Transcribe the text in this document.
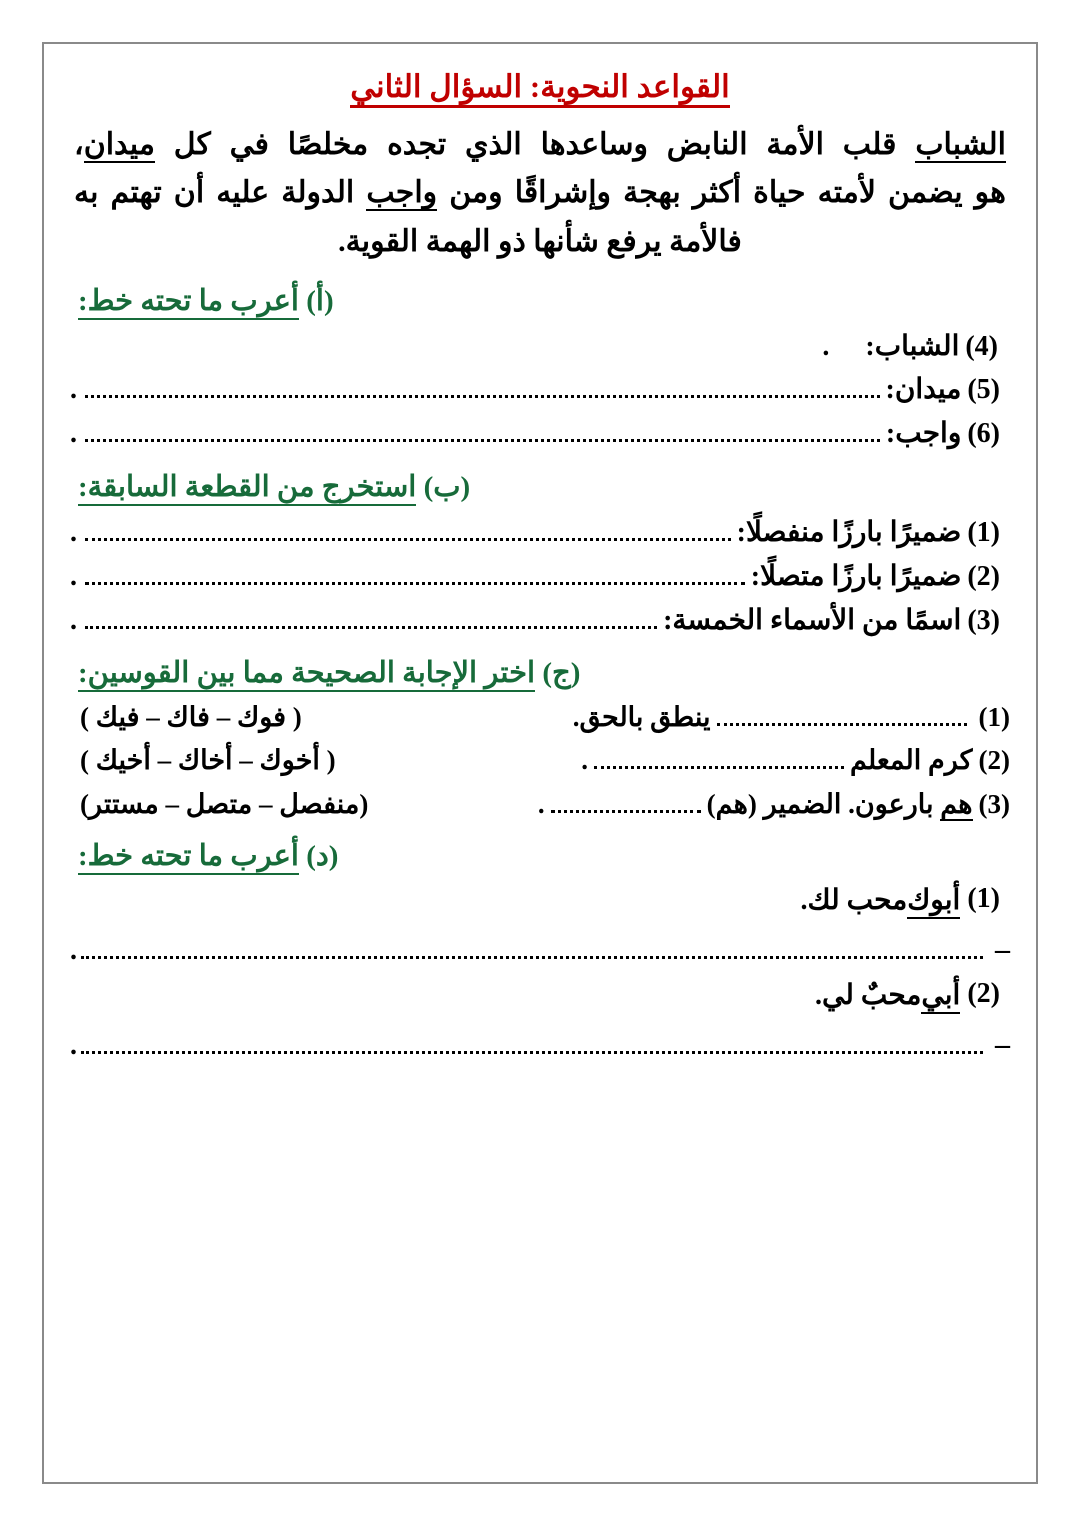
القواعد النحوية: السؤال الثاني
الشباب قلب الأمة النابض وساعدها الذي تجده مخلصًا في كل ميدان،
هو يضمن لأمته حياة أكثر بهجة وإشراقًا ومن واجب الدولة عليه أن تهتم به
فالأمة يرفع شأنها ذو الهمة القوية.
(أ) أعرب ما تحته خط:
(4)
الشباب:
.
(5)
ميدان:
.
(6)
واجب:
.
(ب) استخرج من القطعة السابقة:
(1)
ضميرًا بارزًا منفصلًا:
.
(2)
ضميرًا بارزًا متصلًا:
.
(3)
اسمًا من الأسماء الخمسة:
.
(ج) اختر الإجابة الصحيحة مما بين القوسين:
(1)
ينطق بالحق.
( فوك – فاك – فيك )
(2)
كرم المعلم
.
( أخوك – أخاك – أخيك )
(3)
هم بارعون. الضمير (هم)
.
(منفصل – متصل – مستتر)
(د) أعرب ما تحته خط:
(1)

أبوك
محب لك.
–
.
(2)

أبي
محبٌ لي.
–
.
